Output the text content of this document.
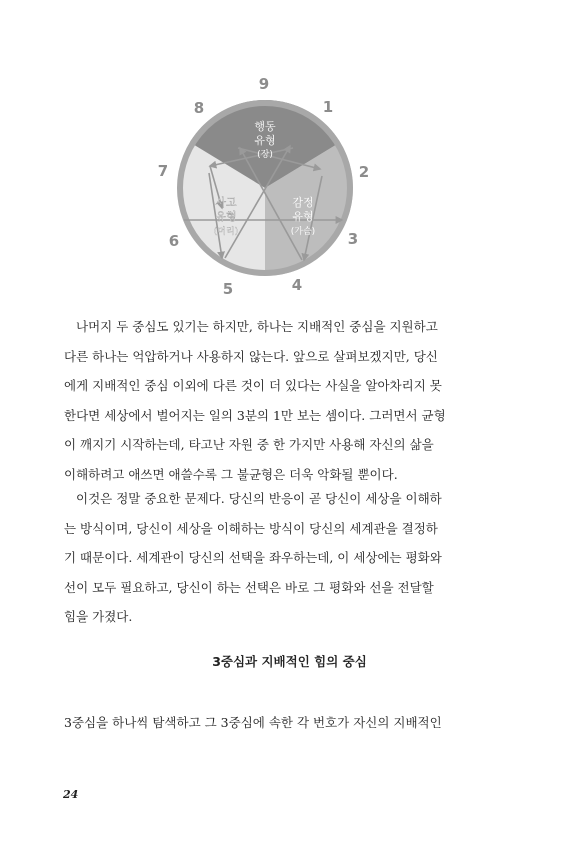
행동
유형
(장)
사고
유형
(머리)
감정
유형
(가슴)
9
1
2
3
4
5
6
7
8
나머지 두 중심도 있기는 하지만, 하나는 지배적인 중심을 지원하고
다른 하나는 억압하거나 사용하지 않는다. 앞으로 살펴보겠지만, 당신
에게 지배적인 중심 이외에 다른 것이 더 있다는 사실을 알아차리지 못
한다면 세상에서 벌어지는 일의 3분의 1만 보는 셈이다. 그러면서 균형
이 깨지기 시작하는데, 타고난 자원 중 한 가지만 사용해 자신의 삶을
이해하려고 애쓰면 애쓸수록 그 불균형은 더욱 악화될 뿐이다.
이것은 정말 중요한 문제다. 당신의 반응이 곧 당신이 세상을 이해하
는 방식이며, 당신이 세상을 이해하는 방식이 당신의 세계관을 결정하
기 때문이다. 세계관이 당신의 선택을 좌우하는데, 이 세상에는 평화와
선이 모두 필요하고, 당신이 하는 선택은 바로 그 평화와 선을 전달할
힘을 가졌다.
3중심과 지배적인 힘의 중심
3중심을 하나씩 탐색하고 그 3중심에 속한 각 번호가 자신의 지배적인
24
